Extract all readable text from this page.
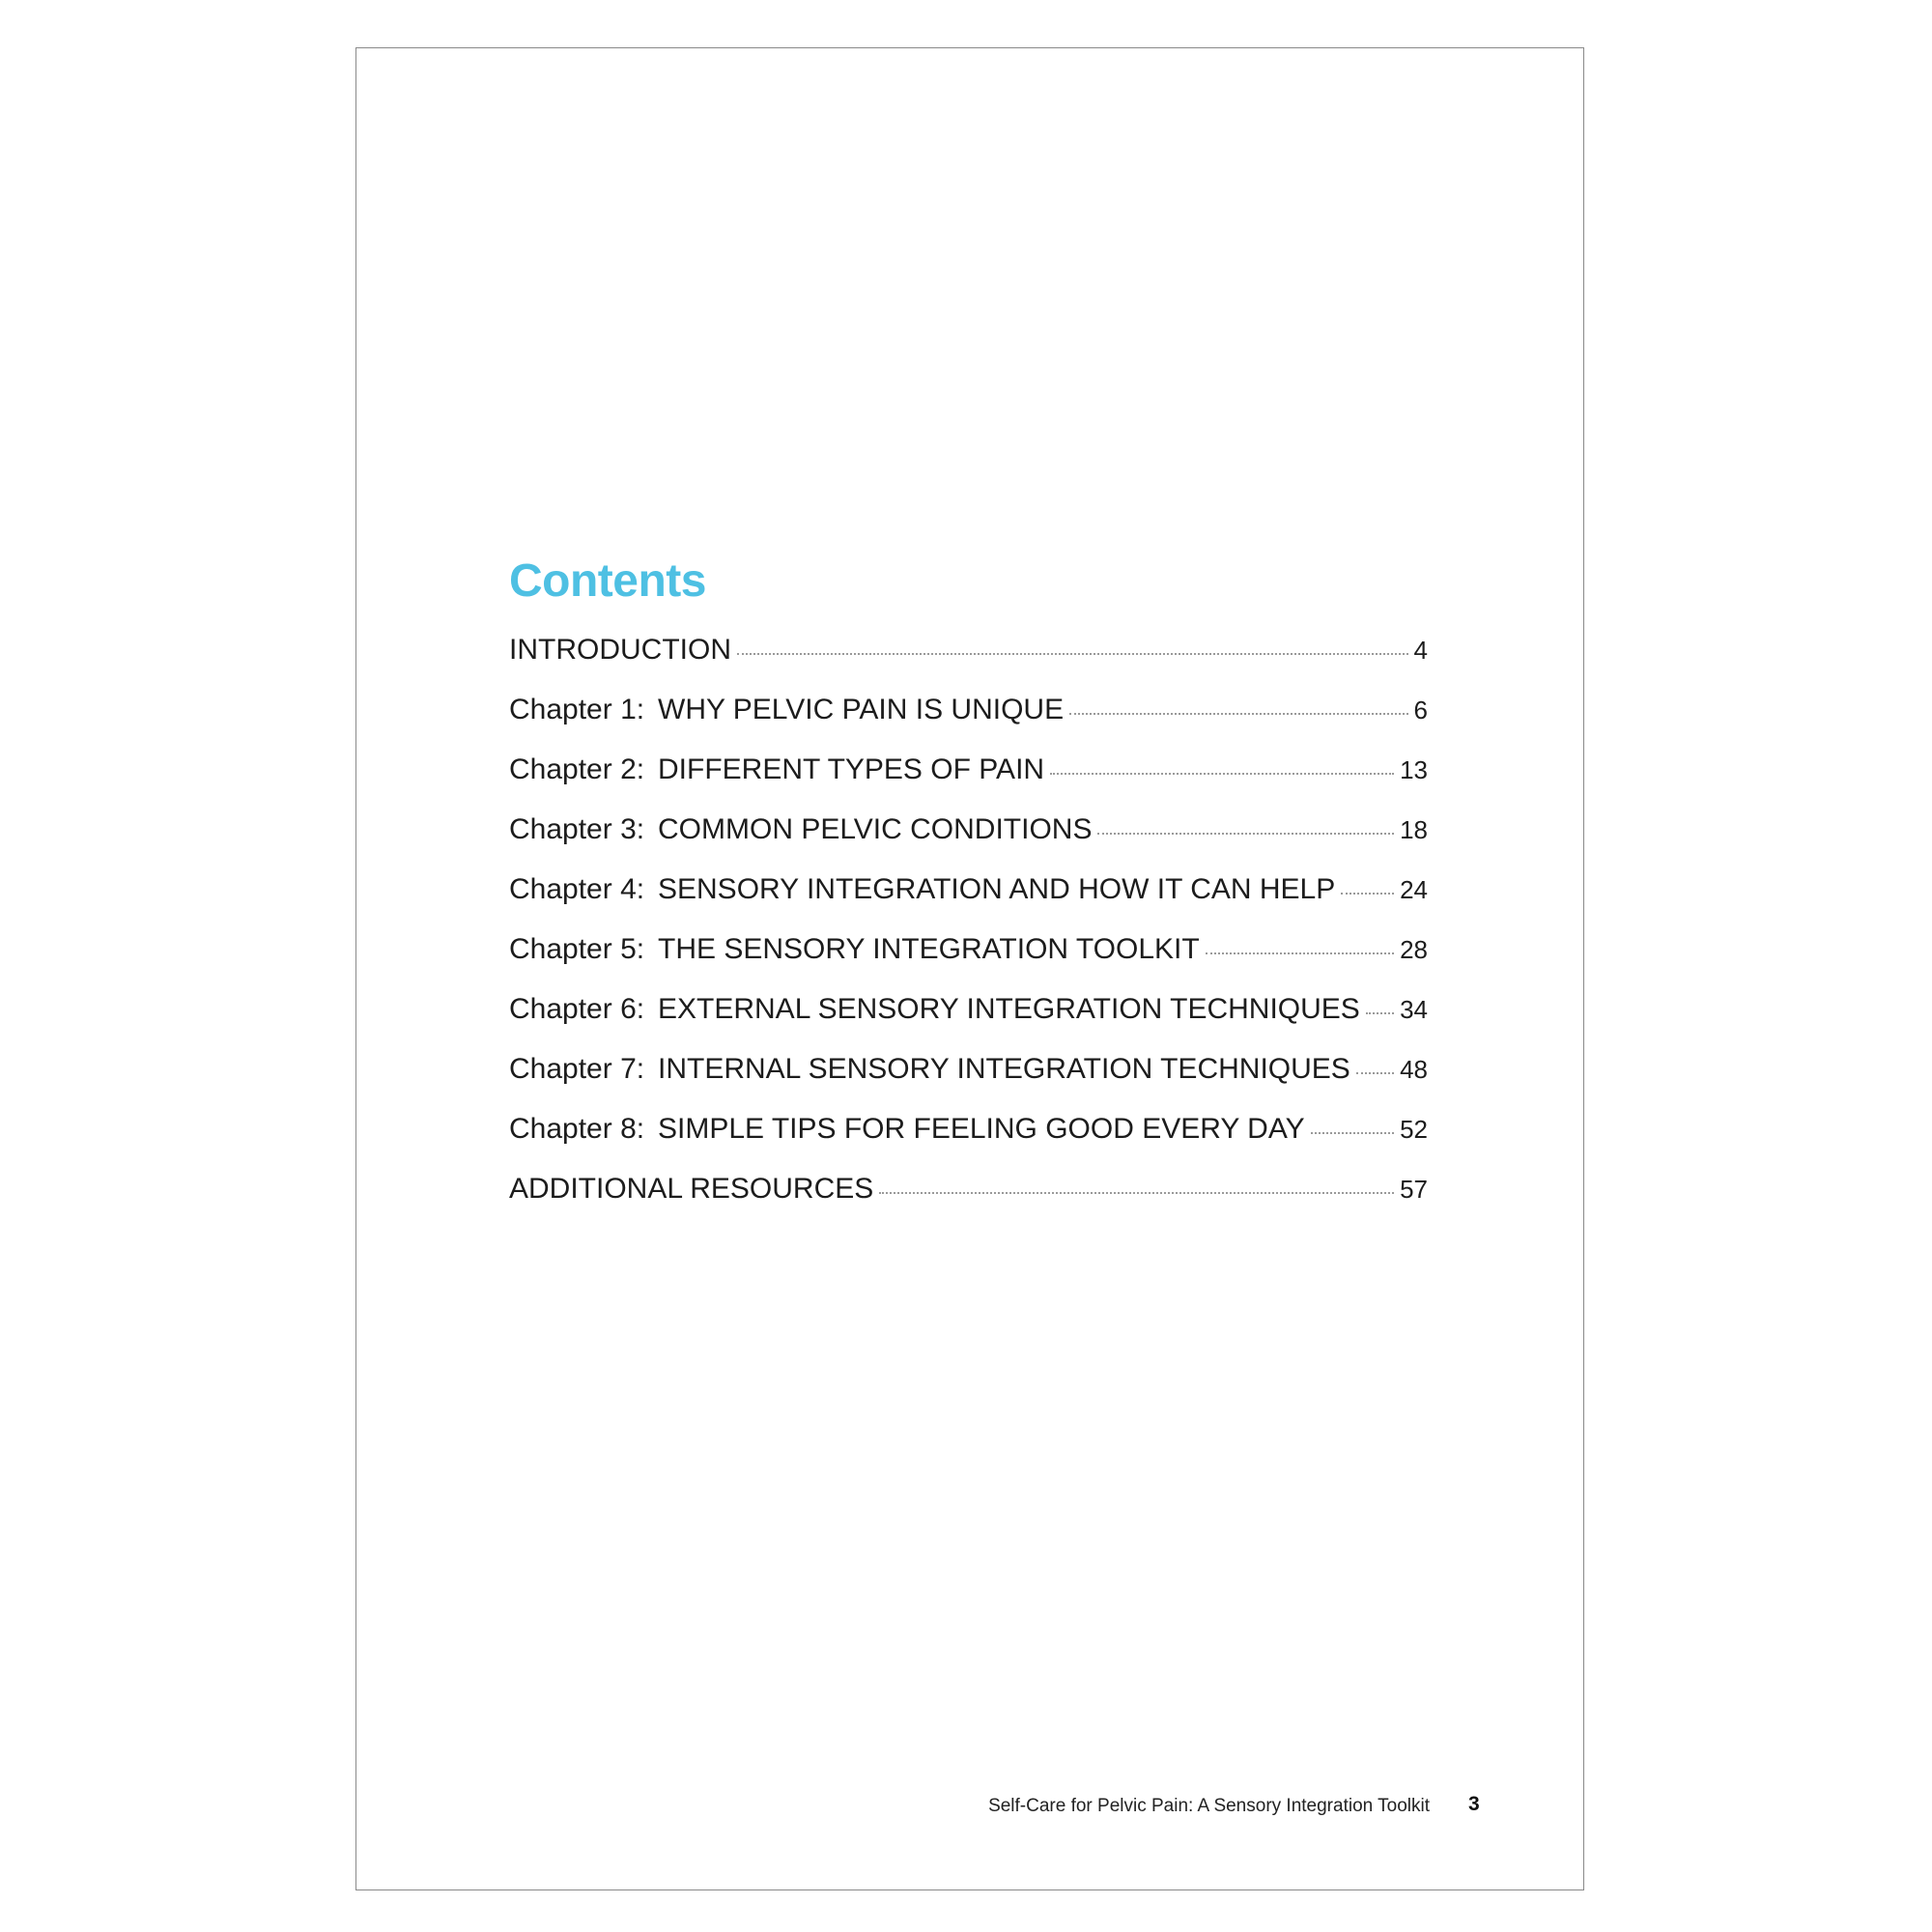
Contents
INTRODUCTION	4
Chapter 1: WHY PELVIC PAIN IS UNIQUE	6
Chapter 2: DIFFERENT TYPES OF PAIN	13
Chapter 3: COMMON PELVIC CONDITIONS	18
Chapter 4: SENSORY INTEGRATION AND HOW IT CAN HELP	24
Chapter 5: THE SENSORY INTEGRATION TOOLKIT	28
Chapter 6: EXTERNAL SENSORY INTEGRATION TECHNIQUES 34
Chapter 7: INTERNAL SENSORY INTEGRATION TECHNIQUES 48
Chapter 8: SIMPLE TIPS FOR FEELING GOOD EVERY DAY	52
ADDITIONAL RESOURCES	57
Self-Care for Pelvic Pain: A Sensory Integration Toolkit 3
